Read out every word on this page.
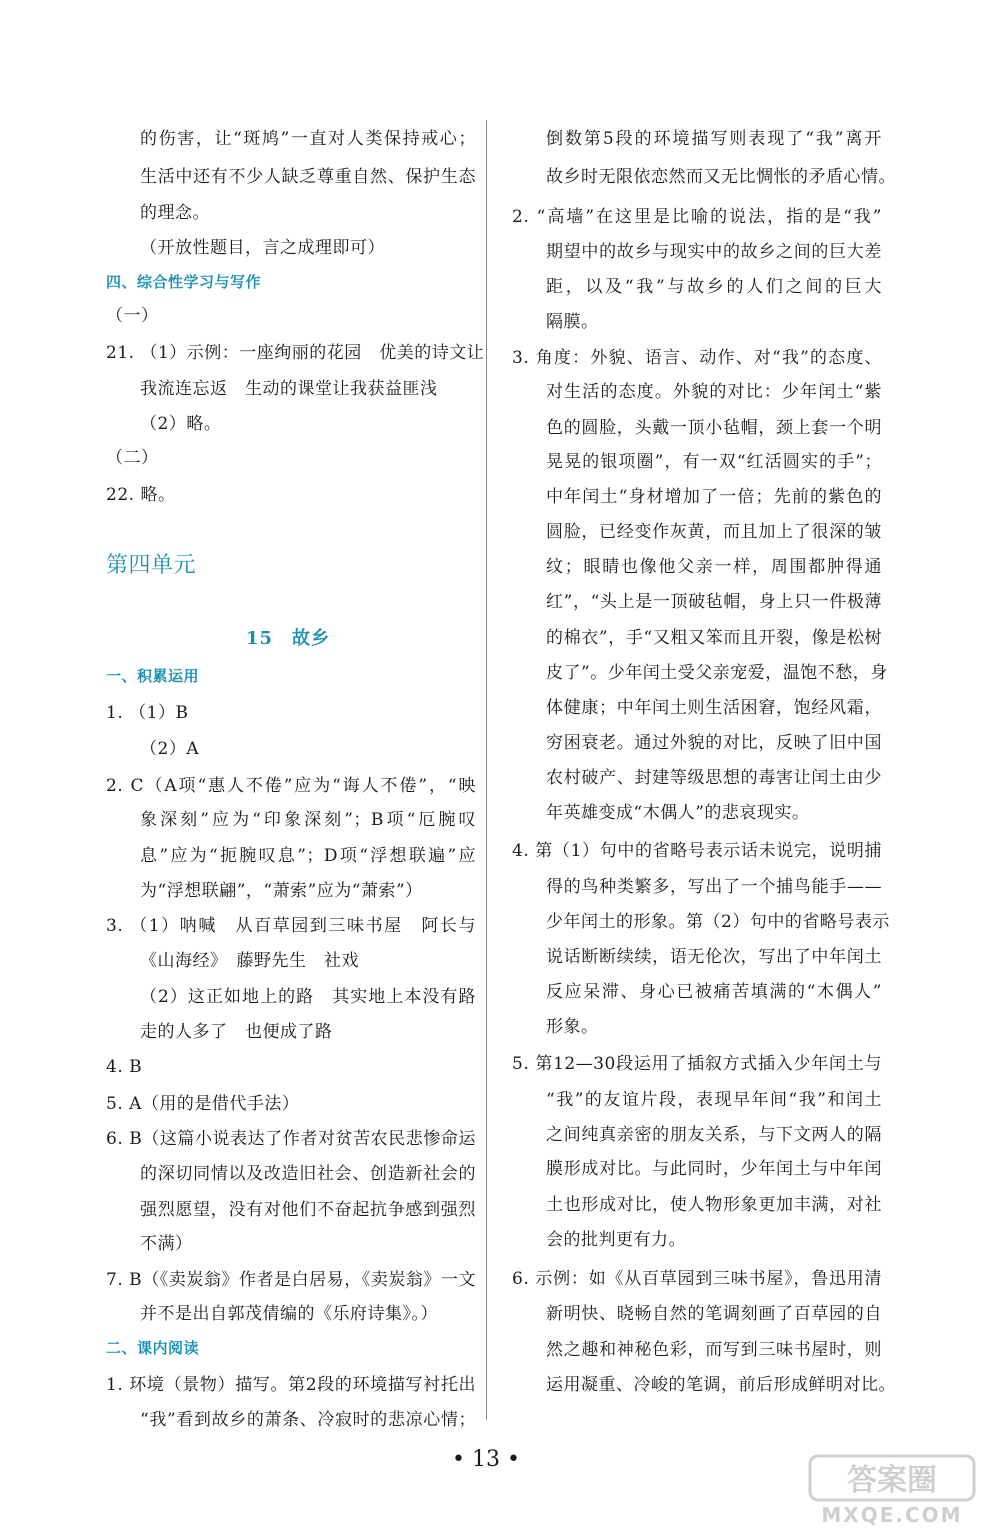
的伤害，让“斑鸠”一直对人类保持戒心；
生活中还有不少人缺乏尊重自然、保护生态
的理念。
（开放性题目，言之成理即可）
四、综合性学习与写作
（一）
21. （1）示例：一座绚丽的花园　优美的诗文让
我流连忘返　生动的课堂让我获益匪浅
（2）略。
（二）
22. 略。
第四单元
15　故乡
一、积累运用
1. （1）B
（2）A
2. C（A项“惠人不倦”应为“诲人不倦”，“映
象深刻”应为“印象深刻”；B项“厄腕叹
息”应为“扼腕叹息”；D项“浮想联遍”应
为“浮想联翩”，“萧索”应为“萧索”）
3. （1）呐喊　从百草园到三味书屋　阿长与
《山海经》　藤野先生　社戏
（2）这正如地上的路　其实地上本没有路
走的人多了　也便成了路
4. B
5. A（用的是借代手法）
6. B（这篇小说表达了作者对贫苦农民悲惨命运
的深切同情以及改造旧社会、创造新社会的
强烈愿望，没有对他们不奋起抗争感到强烈
不满）
7. B（《卖炭翁》作者是白居易，《卖炭翁》一文
并不是出自郭茂倩编的《乐府诗集》。）
二、课内阅读
1. 环境（景物）描写。第2段的环境描写衬托出
“我”看到故乡的萧条、冷寂时的悲凉心情；
倒数第5段的环境描写则表现了“我”离开
故乡时无限依恋然而又无比惆怅的矛盾心情。
2. “高墙”在这里是比喻的说法，指的是“我”
期望中的故乡与现实中的故乡之间的巨大差
距，以及“我”与故乡的人们之间的巨大
隔膜。
3. 角度：外貌、语言、动作、对“我”的态度、
对生活的态度。外貌的对比：少年闰土“紫
色的圆脸，头戴一顶小毡帽，颈上套一个明
晃晃的银项圈”，有一双“红活圆实的手”；
中年闰土“身材增加了一倍；先前的紫色的
圆脸，已经变作灰黄，而且加上了很深的皱
纹；眼睛也像他父亲一样，周围都肿得通
红”，“头上是一顶破毡帽，身上只一件极薄
的棉衣”，手“又粗又笨而且开裂，像是松树
皮了”。少年闰土受父亲宠爱，温饱不愁，身
体健康；中年闰土则生活困窘，饱经风霜，
穷困衰老。通过外貌的对比，反映了旧中国
农村破产、封建等级思想的毒害让闰土由少
年英雄变成“木偶人”的悲哀现实。
4. 第（1）句中的省略号表示话未说完，说明捕
得的鸟种类繁多，写出了一个捕鸟能手——
少年闰土的形象。第（2）句中的省略号表示
说话断断续续，语无伦次，写出了中年闰土
反应呆滞、身心已被痛苦填满的“木偶人”
形象。
5. 第12—30段运用了插叙方式插入少年闰土与
“我”的友谊片段，表现早年间“我”和闰土
之间纯真亲密的朋友关系，与下文两人的隔
膜形成对比。与此同时，少年闰土与中年闰
土也形成对比，使人物形象更加丰满，对社
会的批判更有力。
6. 示例：如《从百草园到三味书屋》，鲁迅用清
新明快、晓畅自然的笔调刻画了百草园的自
然之趣和神秘色彩，而写到三味书屋时，则
运用凝重、冷峻的笔调，前后形成鲜明对比。
• 13 •
答案圈
MXQE.COM
